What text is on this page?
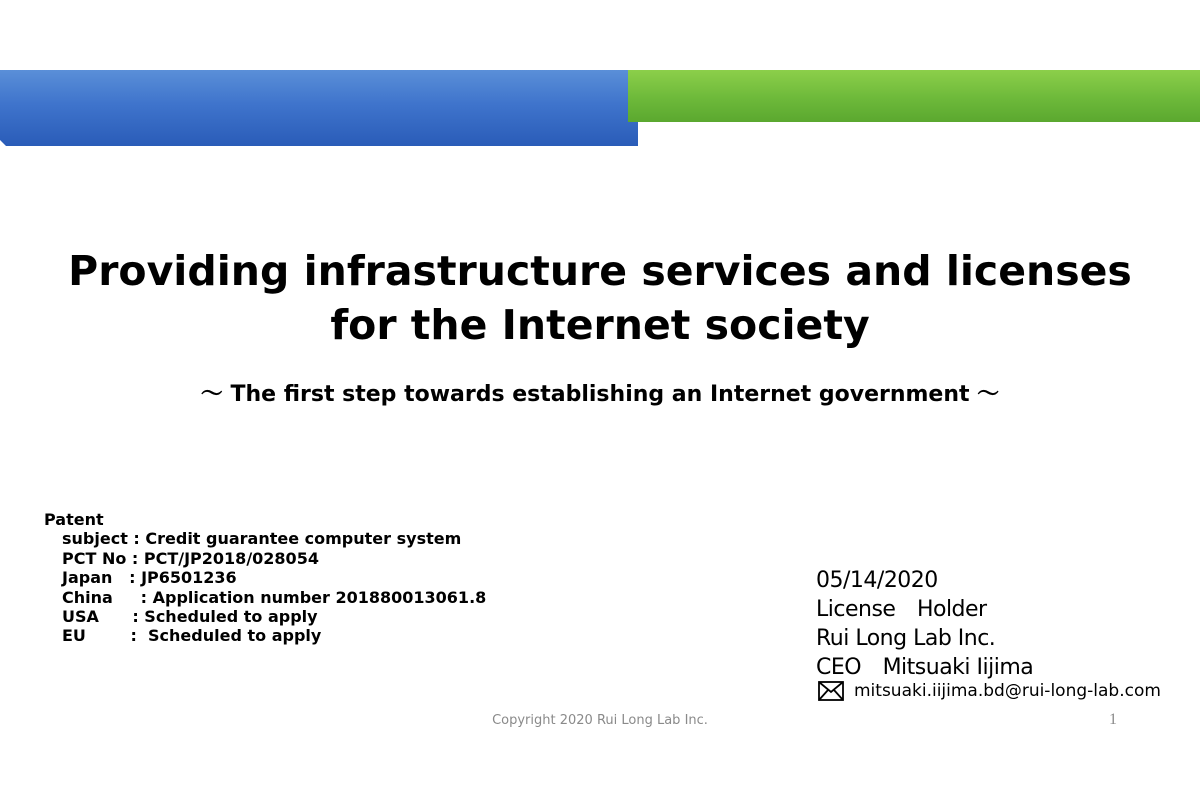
Providing infrastructure services and licenses
for the Internet society
～ The first step towards establishing an Internet government ～
Patent
subject : Credit guarantee computer system
PCT No : PCT/JP2018/028054
Japan   : JP6501236
China     : Application number 201880013061.8
USA      : Scheduled to apply
EU        :  Scheduled to apply
05/14/2020
License　Holder
Rui Long Lab Inc.
CEO　Mitsuaki Iijima
mitsuaki.iijima.bd@rui-long-lab.com
Copyright 2020 Rui Long Lab Inc.	1
